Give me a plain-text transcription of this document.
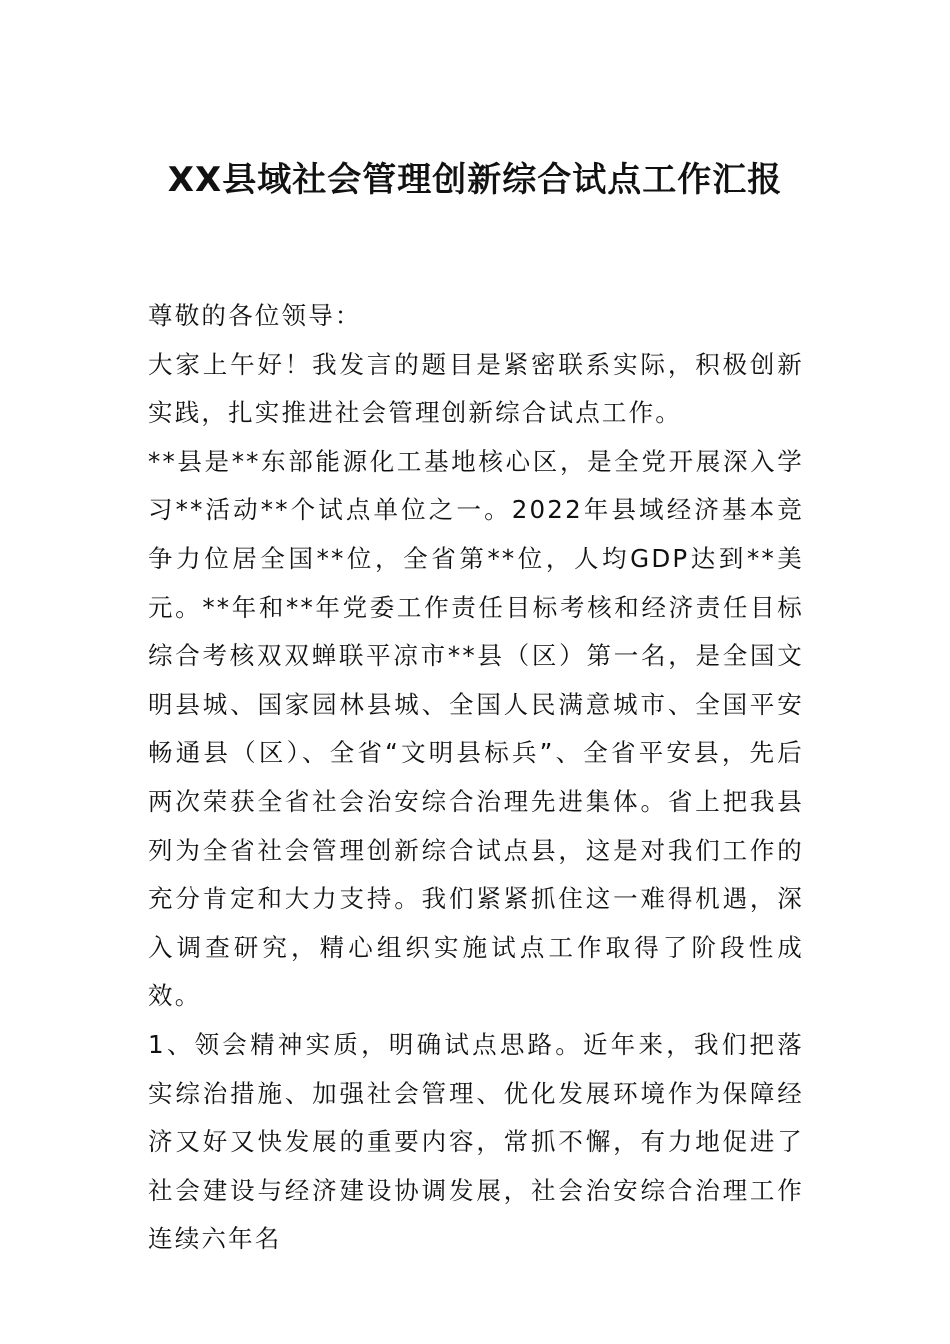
XX县域社会管理创新综合试点工作汇报

尊敬的各位领导：

大家上午好！我发言的题目是紧密联系实际，积极创新实践，扎实推进社会管理创新综合试点工作。

**县是**东部能源化工基地核心区，是全党开展深入学习**活动**个试点单位之一。2022年县域经济基本竞争力位居全国**位，全省第**位，人均GDP达到**美元。**年和**年党委工作责任目标考核和经济责任目标综合考核双双蝉联平凉市**县（区）第一名，是全国文明县城、国家园林县城、全国人民满意城市、全国平安畅通县（区）、全省“文明县标兵”、全省平安县，先后两次荣获全省社会治安综合治理先进集体。省上把我县列为全省社会管理创新综合试点县，这是对我们工作的充分肯定和大力支持。我们紧紧抓住这一难得机遇，深入调查研究，精心组织实施试点工作取得了阶段性成效。

1、领会精神实质，明确试点思路。近年来，我们把落实综治措施、加强社会管理、优化发展环境作为保障经济又好又快发展的重要内容，常抓不懈，有力地促进了社会建设与经济建设协调发展，社会治安综合治理工作连续六年名
